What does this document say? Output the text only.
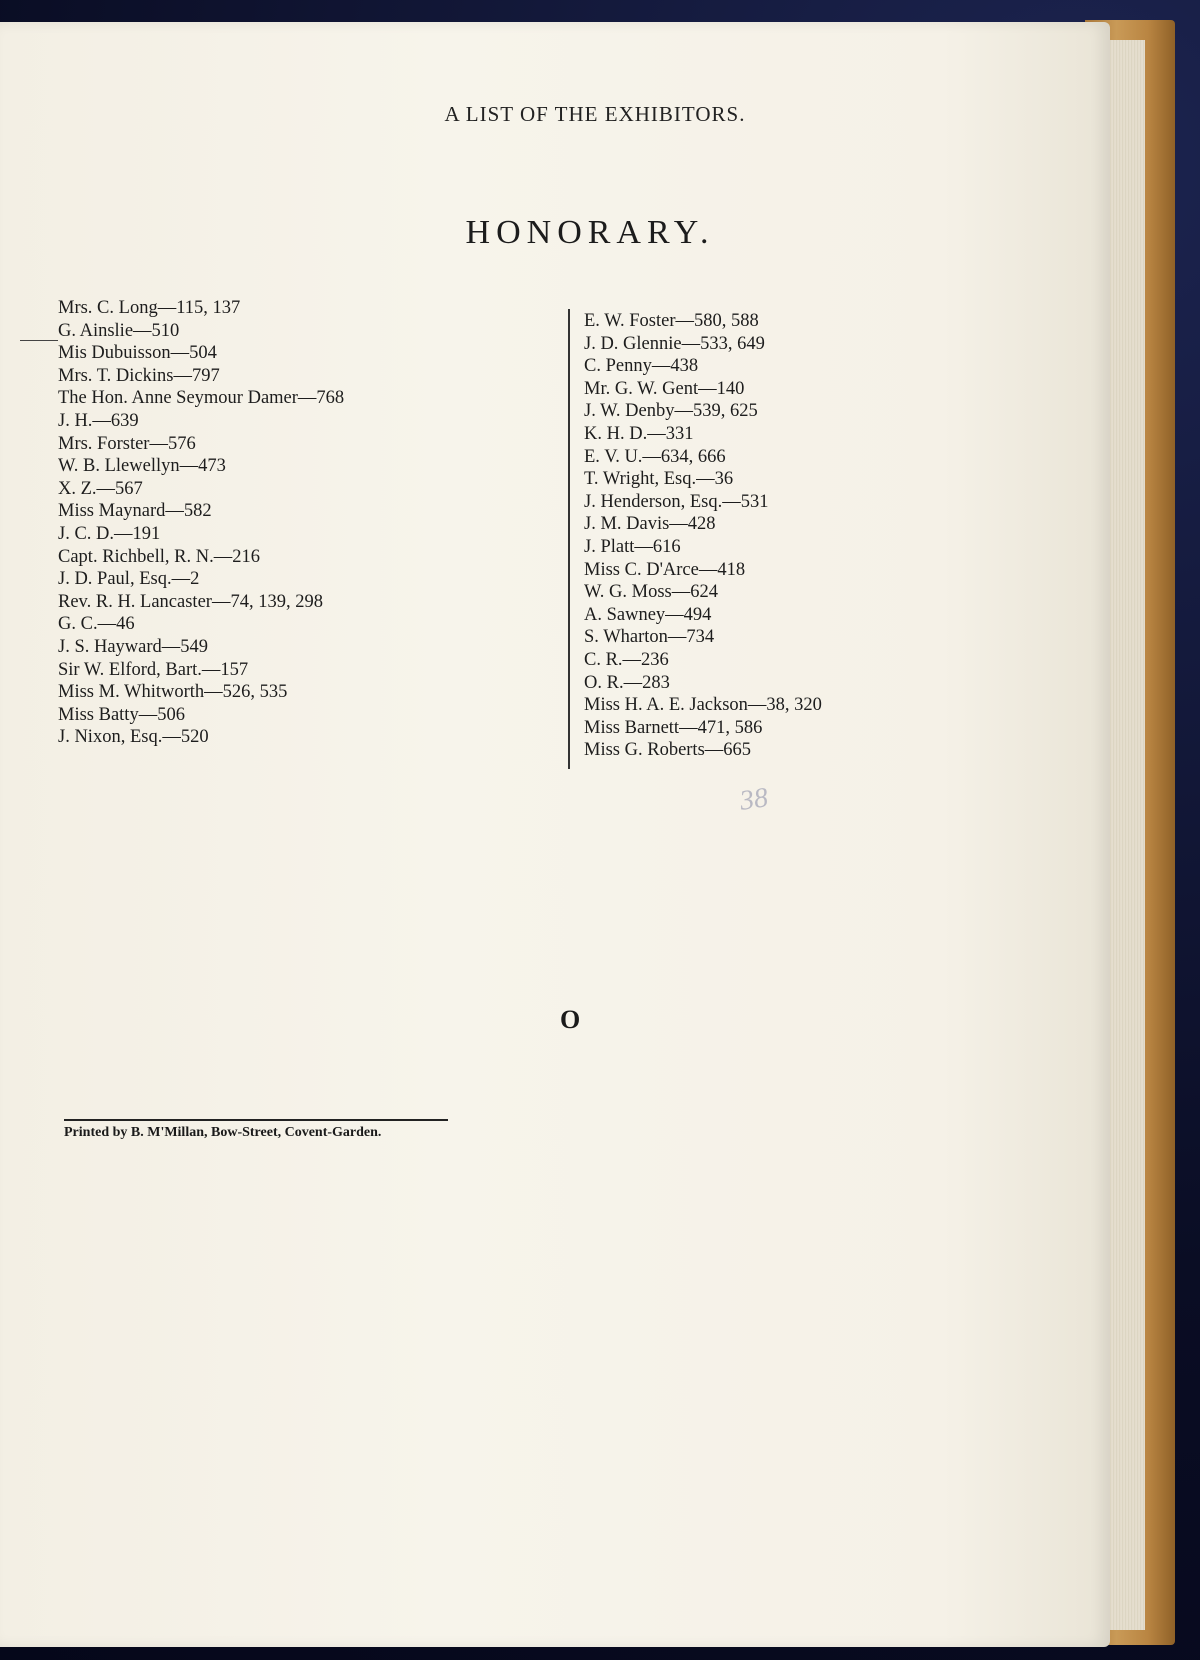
A LIST OF THE EXHIBITORS.
HONORARY.
Mrs. C. Long—115, 137
G. Ainslie—510
Mis Dubuisson—504
Mrs. T. Dickins—797
The Hon. Anne Seymour Damer—768
J. H.—639
Mrs. Forster—576
W. B. Llewellyn—473
X. Z.—567
Miss Maynard—582
J. C. D.—191
Capt. Richbell, R. N.—216
J. D. Paul, Esq.—2
Rev. R. H. Lancaster—74, 139, 298
G. C.—46
J. S. Hayward—549
Sir W. Elford, Bart.—157
Miss M. Whitworth—526, 535
Miss Batty—506
J. Nixon, Esq.—520
E. W. Foster—580, 588
J. D. Glennie—533, 649
C. Penny—438
Mr. G. W. Gent—140
J. W. Denby—539, 625
K. H. D.—331
E. V. U.—634, 666
T. Wright, Esq.—36
J. Henderson, Esq.—531
J. M. Davis—428
J. Platt—616
Miss C. D'Arce—418
W. G. Moss—624
A. Sawney—494
S. Wharton—734
C. R.—236
O. R.—283
Miss H. A. E. Jackson—38, 320
Miss Barnett—471, 586
Miss G. Roberts—665
38
O
Printed by B. M'Millan, Bow-Street, Covent-Garden.
